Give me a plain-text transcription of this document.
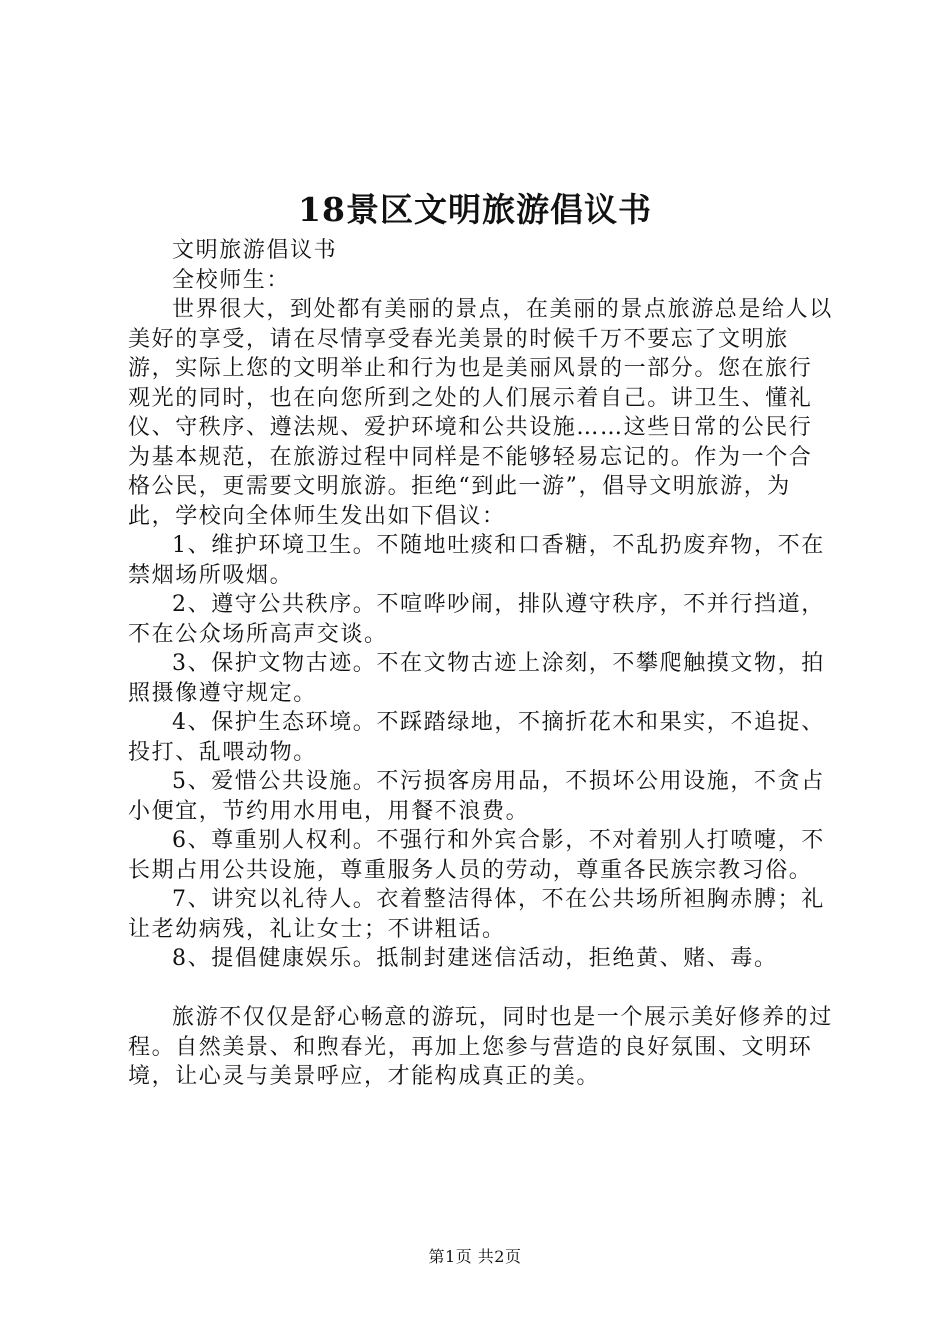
18景区文明旅游倡议书

文明旅游倡议书

全校师生：

世界很大，到处都有美丽的景点，在美丽的景点旅游总是给人以美好的享受，请在尽情享受春光美景的时候千万不要忘了文明旅游，实际上您的文明举止和行为也是美丽风景的一部分。您在旅行观光的同时，也在向您所到之处的人们展示着自己。讲卫生、懂礼仪、守秩序、遵法规、爱护环境和公共设施……这些日常的公民行为基本规范，在旅游过程中同样是不能够轻易忘记的。作为一个合格公民，更需要文明旅游。拒绝“到此一游”，倡导文明旅游，为此，学校向全体师生发出如下倡议：

1、维护环境卫生。不随地吐痰和口香糖，不乱扔废弃物，不在禁烟场所吸烟。

2、遵守公共秩序。不喧哗吵闹，排队遵守秩序，不并行挡道，不在公众场所高声交谈。

3、保护文物古迹。不在文物古迹上涂刻，不攀爬触摸文物，拍照摄像遵守规定。

4、保护生态环境。不踩踏绿地，不摘折花木和果实，不追捉、投打、乱喂动物。

5、爱惜公共设施。不污损客房用品，不损坏公用设施，不贪占小便宜，节约用水用电，用餐不浪费。

6、尊重别人权利。不强行和外宾合影，不对着别人打喷嚏，不长期占用公共设施，尊重服务人员的劳动，尊重各民族宗教习俗。

7、讲究以礼待人。衣着整洁得体，不在公共场所袒胸赤膊；礼让老幼病残，礼让女士；不讲粗话。

8、提倡健康娱乐。抵制封建迷信活动，拒绝黄、赌、毒。

旅游不仅仅是舒心畅意的游玩，同时也是一个展示美好修养的过程。自然美景、和煦春光，再加上您参与营造的良好氛围、文明环境，让心灵与美景呼应，才能构成真正的美。

第1页 共2页
